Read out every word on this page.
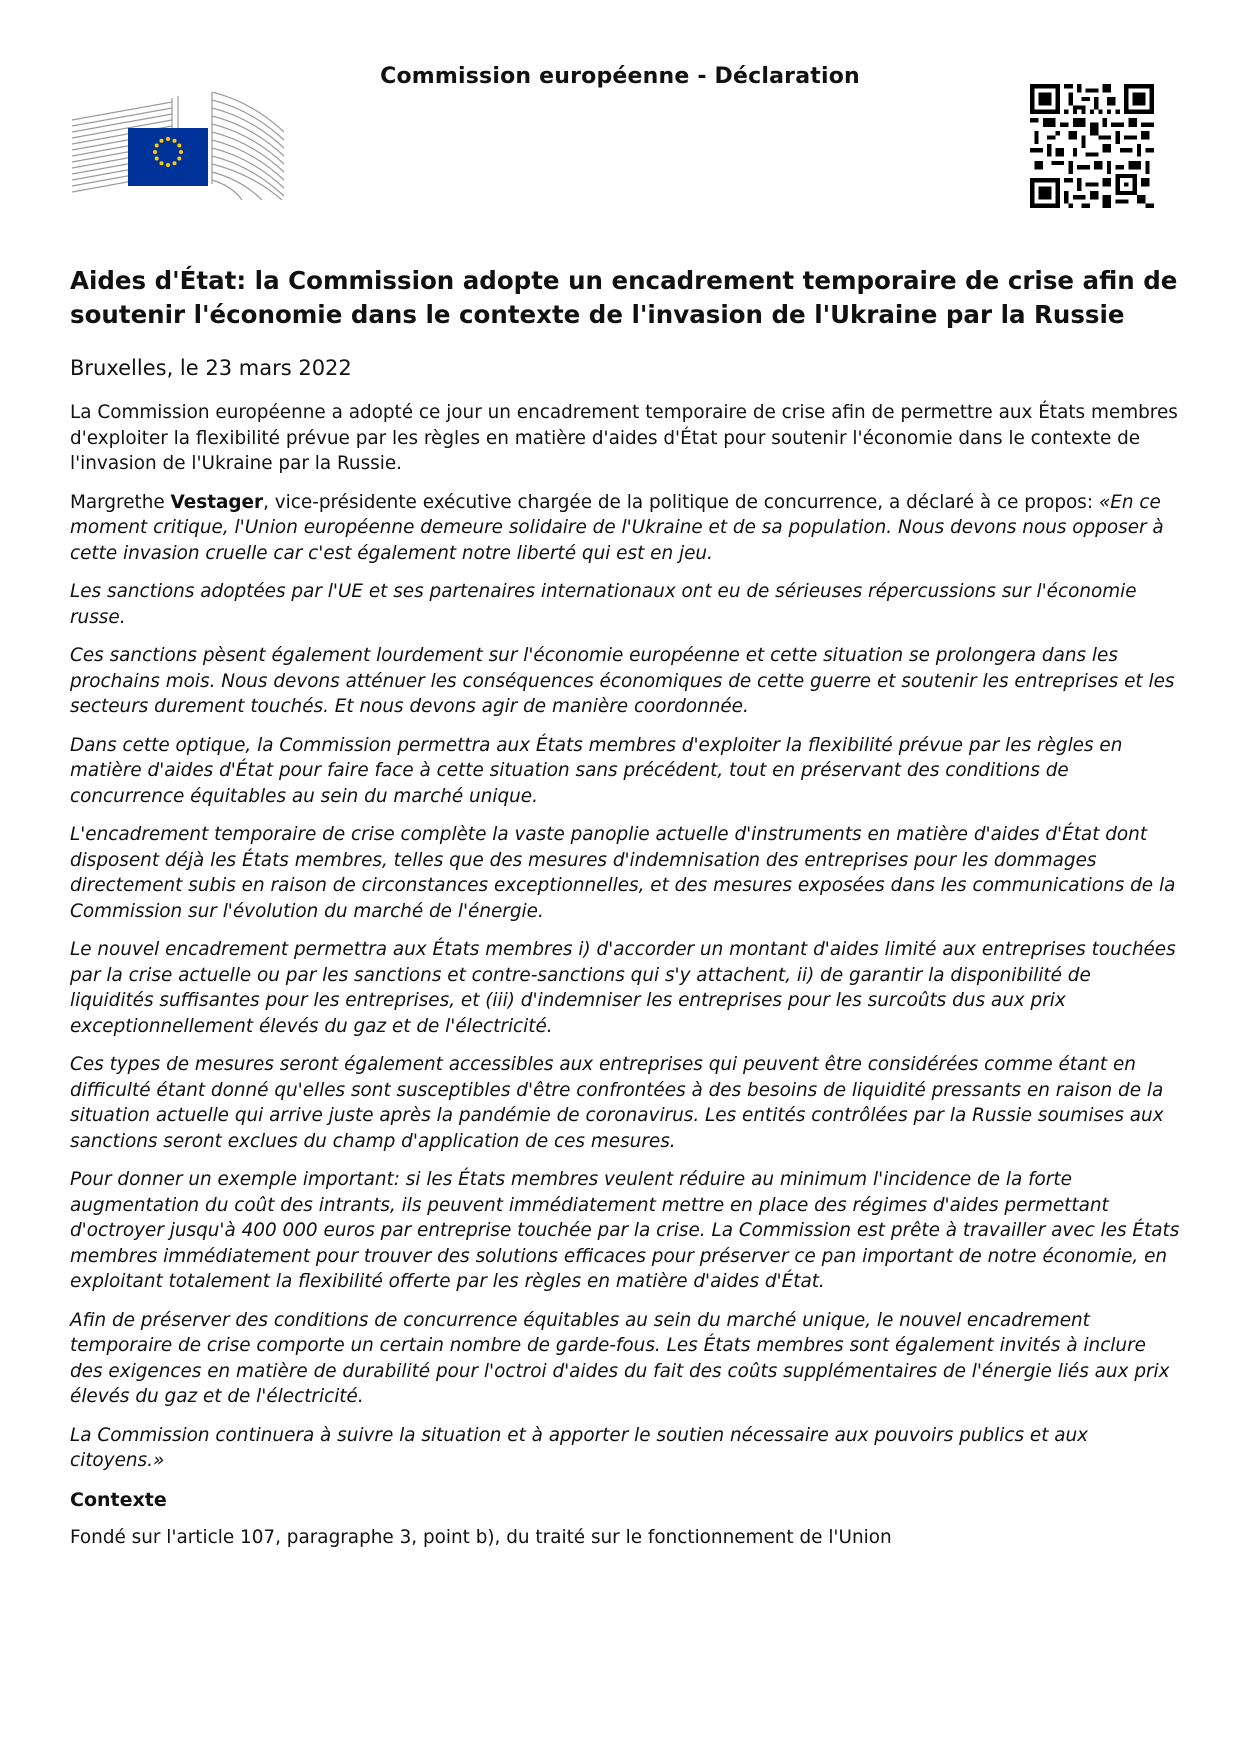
Commission européenne - Déclaration
Aides d'État: la Commission adopte un encadrement temporaire de crise afin de soutenir l'économie dans le contexte de l'invasion de l'Ukraine par la Russie
Bruxelles, le 23 mars 2022

La Commission européenne a adopté ce jour un encadrement temporaire de crise afin de permettre aux États membres d'exploiter la flexibilité prévue par les règles en matière d'aides d'État pour soutenir l'économie dans le contexte de l'invasion de l'Ukraine par la Russie.

Margrethe Vestager, vice-présidente exécutive chargée de la politique de concurrence, a déclaré à ce propos: «En ce moment critique, l'Union européenne demeure solidaire de l'Ukraine et de sa population. Nous devons nous opposer à cette invasion cruelle car c'est également notre liberté qui est en jeu.

Les sanctions adoptées par l'UE et ses partenaires internationaux ont eu de sérieuses répercussions sur l'économie russe.

Ces sanctions pèsent également lourdement sur l'économie européenne et cette situation se prolongera dans les prochains mois. Nous devons atténuer les conséquences économiques de cette guerre et soutenir les entreprises et les secteurs durement touchés. Et nous devons agir de manière coordonnée.

Dans cette optique, la Commission permettra aux États membres d'exploiter la flexibilité prévue par les règles en matière d'aides d'État pour faire face à cette situation sans précédent, tout en préservant des conditions de concurrence équitables au sein du marché unique.

L'encadrement temporaire de crise complète la vaste panoplie actuelle d'instruments en matière d'aides d'État dont disposent déjà les États membres, telles que des mesures d'indemnisation des entreprises pour les dommages directement subis en raison de circonstances exceptionnelles, et des mesures exposées dans les communications de la Commission sur l'évolution du marché de l'énergie.

Le nouvel encadrement permettra aux États membres i) d'accorder un montant d'aides limité aux entreprises touchées par la crise actuelle ou par les sanctions et contre-sanctions qui s'y attachent, ii) de garantir la disponibilité de liquidités suffisantes pour les entreprises, et (iii) d'indemniser les entreprises pour les surcoûts dus aux prix exceptionnellement élevés du gaz et de l'électricité.

Ces types de mesures seront également accessibles aux entreprises qui peuvent être considérées comme étant en difficulté étant donné qu'elles sont susceptibles d'être confrontées à des besoins de liquidité pressants en raison de la situation actuelle qui arrive juste après la pandémie de coronavirus. Les entités contrôlées par la Russie soumises aux sanctions seront exclues du champ d'application de ces mesures.

Pour donner un exemple important: si les États membres veulent réduire au minimum l'incidence de la forte augmentation du coût des intrants, ils peuvent immédiatement mettre en place des régimes d'aides permettant d'octroyer jusqu'à 400 000 euros par entreprise touchée par la crise. La Commission est prête à travailler avec les États membres immédiatement pour trouver des solutions efficaces pour préserver ce pan important de notre économie, en exploitant totalement la flexibilité offerte par les règles en matière d'aides d'État.

Afin de préserver des conditions de concurrence équitables au sein du marché unique, le nouvel encadrement temporaire de crise comporte un certain nombre de garde-fous. Les États membres sont également invités à inclure des exigences en matière de durabilité pour l'octroi d'aides du fait des coûts supplémentaires de l'énergie liés aux prix élevés du gaz et de l'électricité.

La Commission continuera à suivre la situation et à apporter le soutien nécessaire aux pouvoirs publics et aux citoyens.»

Contexte

Fondé sur l'article 107, paragraphe 3, point b), du traité sur le fonctionnement de l'Union
